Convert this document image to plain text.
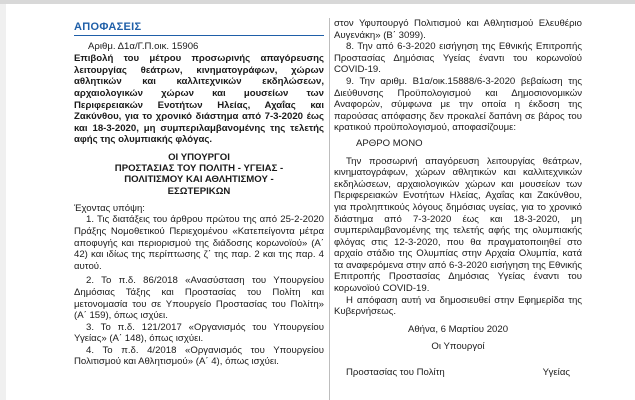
ΑΠΟΦΑΣΕΙΣ
Αριθμ. Δ1α/Γ.Π.οικ. 15906
Επιβολή του μέτρου προσωρινής απαγόρευσης λειτουργίας θεάτρων, κινηματογράφων, χώρων αθλητικών και καλλιτεχνικών εκδηλώσεων, αρχαιολογικών χώρων και μουσείων των Περιφερειακών Ενοτήτων Ηλείας, Αχαΐας και Ζακύνθου, για το χρονικό διάστημα από 7-3-2020 έως και 18-3-2020, μη συμπεριλαμβανομένης της τελετής αφής της ολυμπιακής φλόγας.
ΟΙ ΥΠΟΥΡΓΟΙ
ΠΡΟΣΤΑΣΙΑΣ ΤΟΥ ΠΟΛΙΤΗ - ΥΓΕΙΑΣ -
ΠΟΛΙΤΙΣΜΟΥ ΚΑΙ ΑΘΛΗΤΙΣΜΟΥ -
ΕΣΩΤΕΡΙΚΩΝ
Έχοντας υπόψη:
1. Τις διατάξεις του άρθρου πρώτου της από 25-2-2020 Πράξης Νομοθετικού Περιεχομένου «Κατεπείγοντα μέτρα αποφυγής και περιορισμού της διάδοσης κορωνοϊού» (Α΄ 42) και ιδίως της περίπτωσης ζ΄ της παρ. 2 και της παρ. 4 αυτού.
2. Το π.δ. 86/2018 «Ανασύσταση του Υπουργείου Δημόσιας Τάξης και Προστασίας του Πολίτη και μετονομασία του σε Υπουργείο Προστασίας του Πολίτη» (Α΄ 159), όπως ισχύει.
3. Το π.δ. 121/2017 «Οργανισμός του Υπουργείου Υγείας» (Α΄ 148), όπως ισχύει.
4. Το π.δ. 4/2018 «Οργανισμός του Υπουργείου Πολιτισμού και Αθλητισμού» (Α΄ 4), όπως ισχύει.
στον Υφυπουργό Πολιτισμού και Αθλητισμού Ελευθέριο Αυγενάκη» (Β΄ 3099).
8. Την από 6-3-2020 εισήγηση της Εθνικής Επιτροπής Προστασίας Δημόσιας Υγείας έναντι του κορωνοϊού COVID-19.
9. Την αριθμ. Β1α/οικ.15888/6-3-2020 βεβαίωση της Διεύθυνσης Προϋπολογισμού και Δημοσιονομικών Αναφορών, σύμφωνα με την οποία η έκδοση της παρούσας απόφασης δεν προκαλεί δαπάνη σε βάρος του κρατικού προϋπολογισμού, αποφασίζουμε:
ΑΡΘΡΟ ΜΟΝΟ
Την προσωρινή απαγόρευση λειτουργίας θεάτρων, κινηματογράφων, χώρων αθλητικών και καλλιτεχνικών εκδηλώσεων, αρχαιολογικών χώρων και μουσείων των Περιφερειακών Ενοτήτων Ηλείας, Αχαΐας και Ζακύνθου, για προληπτικούς λόγους δημόσιας υγείας, για το χρονικό διάστημα από 7-3-2020 έως και 18-3-2020, μη συμπεριλαμβανομένης της τελετής αφής της ολυμπιακής φλόγας στις 12-3-2020, που θα πραγματοποιηθεί στο αρχαίο στάδιο της Ολυμπίας στην Αρχαία Ολυμπία, κατά τα αναφερόμενα στην από 6-3-2020 εισήγηση της Εθνικής Επιτροπής Προστασίας Δημόσιας Υγείας έναντι του κορωνοϊού COVID-19.
Η απόφαση αυτή να δημοσιευθεί στην Εφημερίδα της Κυβερνήσεως.
Αθήνα, 6 Μαρτίου 2020
Οι Υπουργοί
Προστασίας του Πολίτη	Υγείας
